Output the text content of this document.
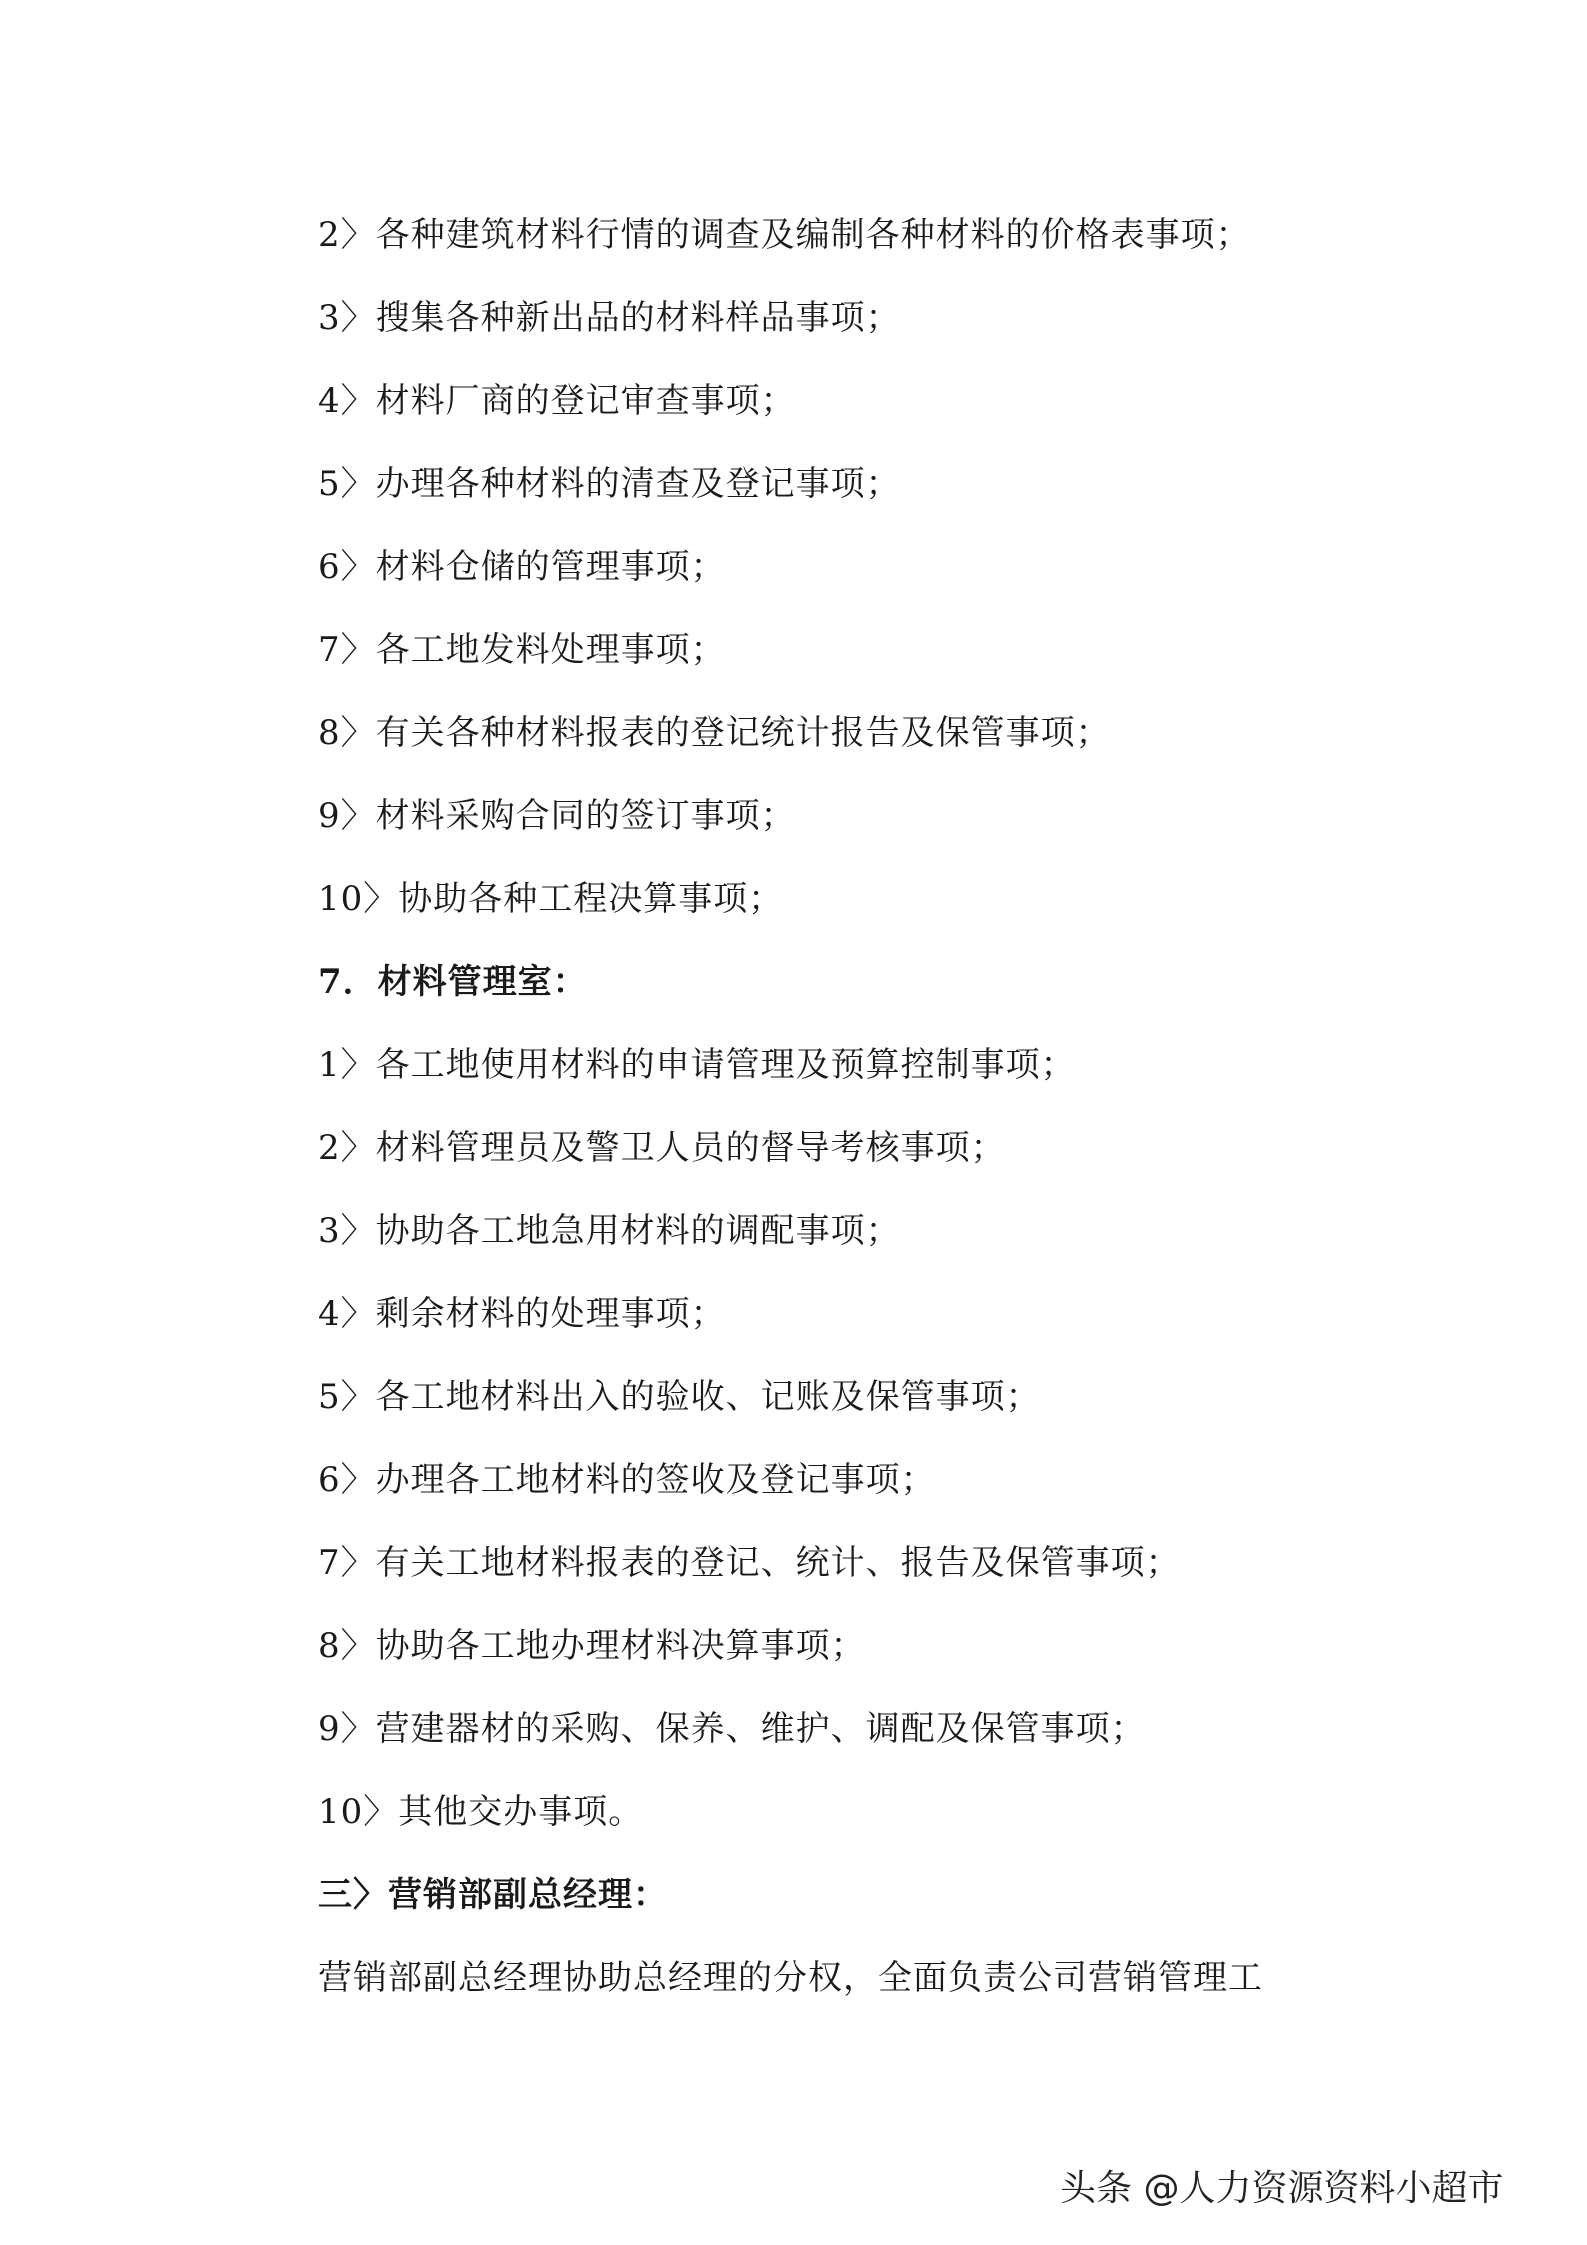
2〉各种建筑材料行情的调查及编制各种材料的价格表事项；
3〉搜集各种新出品的材料样品事项；
4〉材料厂商的登记审查事项；
5〉办理各种材料的清查及登记事项；
6〉材料仓储的管理事项；
7〉各工地发料处理事项；
8〉有关各种材料报表的登记统计报告及保管事项；
9〉材料采购合同的签订事项；
10〉协助各种工程决算事项；
7．材料管理室：
1〉各工地使用材料的申请管理及预算控制事项；
2〉材料管理员及警卫人员的督导考核事项；
3〉协助各工地急用材料的调配事项；
4〉剩余材料的处理事项；
5〉各工地材料出入的验收、记账及保管事项；
6〉办理各工地材料的签收及登记事项；
7〉有关工地材料报表的登记、统计、报告及保管事项；
8〉协助各工地办理材料决算事项；
9〉营建器材的采购、保养、维护、调配及保管事项；
10〉其他交办事项。
三〉营销部副总经理：
营销部副总经理协助总经理的分权，全面负责公司营销管理工
头条 @人力资源资料小超市
